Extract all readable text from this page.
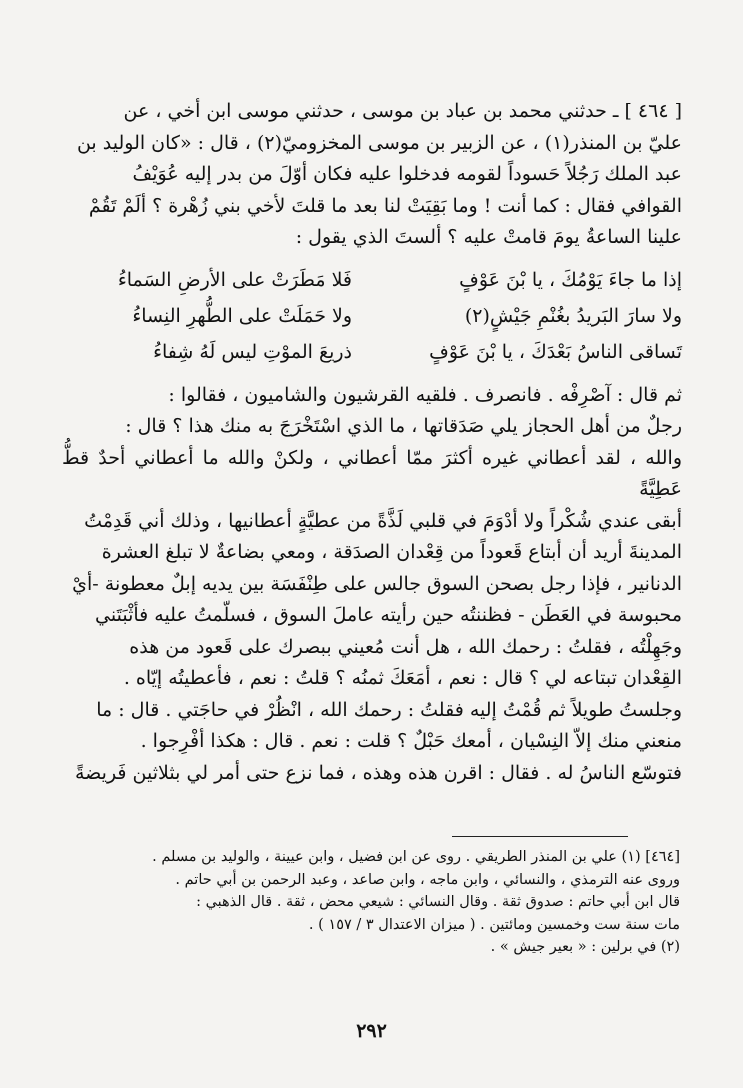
[ ٤٦٤ ] ـ حدثني محمد بن عباد بن موسى ، حدثني موسى ابن أخي ، عن

عليّ بن المنذر(١) ، عن الزبير بن موسى المخزوميّ(٢) ، قال : «كان الوليد بن

عبد الملك رَجُلاً حَسوداً لقومه فدخلوا عليه فكان أوّلَ من بدر إليه عُوَيْفُ

القوافي فقال : كما أنت ! وما بَقِيَتْ لنا بعد ما قلتَ لأخي بني زُهْرة ؟ ألَمْ تَقُمْ

علينا الساعةُ يومَ قامتْ عليه ؟ ألستَ الذي يقول :

إذا ما جاءَ يَوْمُكَ ، يا بْنَ عَوْفٍ
فَلا مَطَرَتْ على الأرضِ السَماءُ
ولا سارَ البَريدُ بغُنْمِ جَيْشٍ(٢)
ولا حَمَلَتْ على الطُّهرِ النِساءُ
تَساقى الناسُ بَعْدَكَ ، يا بْنَ عَوْفٍ
ذريعَ الموْتِ ليس لَهُ شِفاءُ

ثم قال : آصْرِفْه . فانصرف . فلقيه القرشيون والشاميون ، فقالوا :

رجلٌ من أهل الحجاز يلي صَدَقاتها ، ما الذي اسْتَخْرَجَ به منك هذا ؟ قال :

والله ، لقد أعطاني غيره أكثرَ ممّا أعطاني ، ولكنْ والله ما أعطاني أحدٌ قطُّ عَطِيَّةً

أبقى عندي شُكْراً ولا أدْوَمَ في قلبي لَذَّةً من عطيَّةٍ أعطانيها ، وذلك أني قَدِمْتُ

المدينةَ أريد أن أبتاع قَعوداً من قِعْدان الصدَقة ، ومعي بضاعةٌ لا تبلغ العشرة

الدنانير ، فإذا رجل بصحن السوق جالس على طِنْفَسَة بين يديه إبلٌ معطونة -أيْ

محبوسة في العَطَن - فظننتُه حين رأيته عاملَ السوق ، فسلّمتُ عليه فأثْبَتَني

وجَهِلْتُه ، فقلتُ : رحمك الله ، هل أنت مُعيني ببصرك على قَعود من هذه

القِعْدان تبتاعه لي ؟ قال : نعم ، أمَعَكَ ثمنُه ؟ قلتُ : نعم ، فأعطيتُه إيّاه .

وجلستُ طويلاً ثم قُمْتُ إليه فقلتُ : رحمك الله ، انْظُرْ في حاجَتي . قال : ما

منعني منك إلاّ النِسْيان ، أمعك حَبْلٌ ؟ قلت : نعم . قال : هكذا أفْرِجوا .

فتوسّع الناسُ له . فقال : اقرن هذه وهذه ، فما نزع حتى أمر لي بثلاثين فَريضةً

[٤٦٤] (١) علي بن المنذر الطريقي . روى عن ابن فضيل ، وابن عيينة ، والوليد بن مسلم .

وروى عنه الترمذي ، والنسائي ، وابن ماجه ، وابن صاعد ، وعبد الرحمن بن أبي حاتم .

قال ابن أبي حاتم : صدوق ثقة . وقال النسائي : شيعي محض ، ثقة . قال الذهبي :

مات سنة ست وخمسين ومائتين . ( ميزان الاعتدال ٣ / ١٥٧ ) .

(٢) في برلين : « بعير جيش » .

٢٩٢
